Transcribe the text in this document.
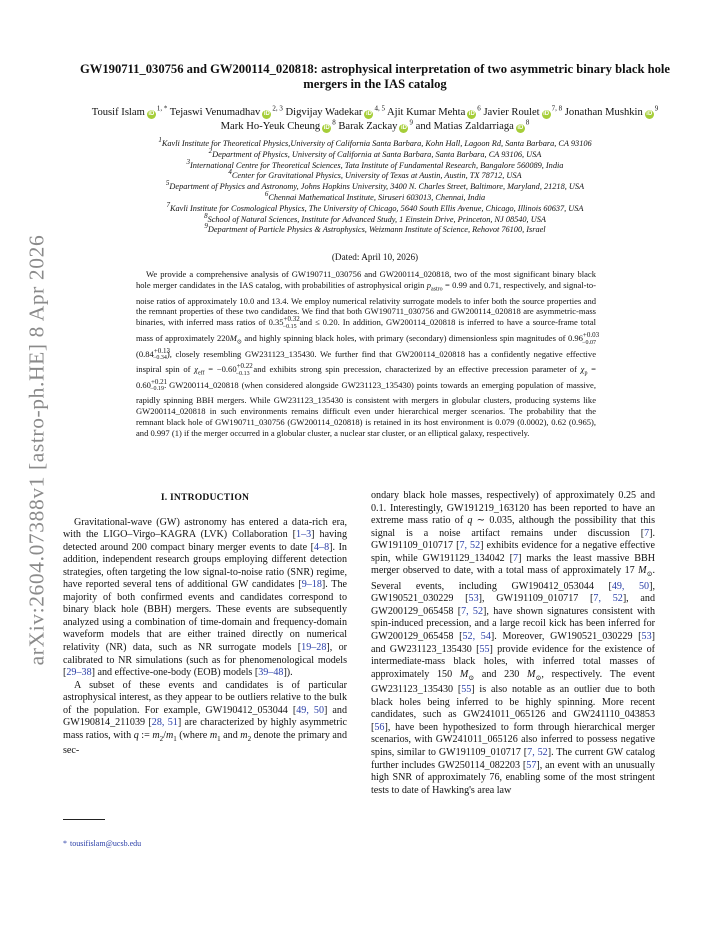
arXiv:2604.07388v1 [astro-ph.HE] 8 Apr 2026
GW190711_030756 and GW200114_020818: astrophysical interpretation of two asymmetric binary black hole mergers in the IAS catalog
Tousif Islam $iD^{1, *}$ Tejaswi Venumadhav iD$^{2, 3}$ Digvijay Wadekar iD$^{4, 5}$ Ajit Kumar Mehta $iD^6$ Javier Roulet iD$^{7, 8}$ Jonathan Mushkin $iD^9$ Mark Ho-Yeuk Cheung $iD^8$ Barak Zackay $iD^9$ and Matias Zaldarriaga $iD^8$
$^1$Kavli Institute for Theoretical Physics,University of California Santa Barbara, Kohn Hall, Lagoon Rd, Santa Barbara, CA 93106
$^2$Department of Physics, University of California at Santa Barbara, Santa Barbara, CA 93106, USA
$^3$International Centre for Theoretical Sciences, Tata Institute of Fundamental Research, Bangalore 560089, India
$^4$Center for Gravitational Physics, University of Texas at Austin, Austin, TX 78712, USA
$^5$Department of Physics and Astronomy, Johns Hopkins University, 3400 N. Charles Street, Baltimore, Maryland, 21218, USA
$^6$Chennai Mathematical Institute, Siruseri 603013, Chennai, India
$^7$Kavli Institute for Cosmological Physics, The University of Chicago, 5640 South Ellis Avenue, Chicago, Illinois 60637, USA
$^8$School of Natural Sciences, Institute for Advanced Study, 1 Einstein Drive, Princeton, NJ 08540, USA
$^9$Department of Particle Physics & Astrophysics, Weizmann Institute of Science, Rehovot 76100, Israel
(Dated: April 10, 2026)
We provide a comprehensive analysis of GW190711_030756 and GW200114_020818, two of the most significant binary black hole merger candidates in the IAS catalog, with probabilities of astrophysical origin $p_{astro} = 0.99$ and 0.71, respectively, and signal-to-noise ratios of approximately 10.0 and 13.4. We employ numerical relativity surrogate models to infer both the source properties and the remnant properties of these two candidates. We find that both GW190711_030756 and GW200114_020818 are asymmetric-mass binaries, with inferred mass ratios of $0.35^{+0.32}_{-0.15}$ and ≤ 0.20. In addition, GW200114_020818 is inferred to have a source-frame total mass of approximately $220M_⊙$ and highly spinning black holes, with primary (secondary) dimensionless spin magnitudes of $0.96^{+0.03}_{-0.07}$ $(0.84^{+0.13}_{-0.34})$, closely resembling GW231123_135430. We further find that GW200114_020818 has a confidently negative effective inspiral spin of $\chi_{eff} = -0.60^{+0.22}_{-0.13}$ and exhibits strong spin precession, characterized by an effective precession parameter of $\chi_p = 0.60^{+0.21}_{-0.19}$. GW200114_020818 (when considered alongside GW231123_135430) points towards an emerging population of massive, rapidly spinning BBH mergers. While GW231123_135430 is consistent with mergers in globular clusters, producing systems like GW200114_020818 in such environments remains difficult even under hierarchical merger scenarios. The probability that the remnant black hole of GW190711_030756 (GW200114_020818) is retained in its host environment is 0.079 (0.0002), 0.62 (0.965), and 0.997 (1) if the merger occurred in a globular cluster, a nuclear star cluster, or an elliptical galaxy, respectively.
I. INTRODUCTION

Gravitational-wave (GW) astronomy has entered a data-rich era, with the LIGO–Virgo–KAGRA (LVK) Collaboration [1–3] having detected around 200 compact binary merger events to date [4–8]. In addition, independent research groups employing different detection strategies, often targeting the low signal-to-noise ratio (SNR) regime, have reported several tens of additional GW candidates [9–18]. The majority of both confirmed events and candidates correspond to binary black hole (BBH) mergers. These events are subsequently analyzed using a combination of time-domain and frequency-domain waveform models that are either trained directly on numerical relativity (NR) data, such as NR surrogate models [19–28], or calibrated to NR simulations (such as for phenomenological models [29–38] and effective-one-body (EOB) models [39–48]).

A subset of these events and candidates is of particular astrophysical interest, as they appear to be outliers relative to the bulk of the population. For example, GW190412_053044 [49, 50] and GW190814_211039 [28, 51] are characterized by highly asymmetric mass ratios, with q := $m_2/m_1$ (where $m_1$ and $m_2$ denote the primary and sec-

ondary black hole masses, respectively) of approximately 0.25 and 0.1. Interestingly, GW191219_163120 has been reported to have an extreme mass ratio of q ∼ 0.035, although the possibility that this signal is a noise artifact remains under discussion [7]. GW191109_010717 [7, 52] exhibits evidence for a negative effective spin, while GW191129_134042 [7] marks the least massive BBH merger observed to date, with a total mass of approximately 17 $M_⊙$. Several events, including GW190412_053044 [49, 50], GW190521_030229 [53], GW191109_010717 [7, 52], and GW200129_065458 [7, 52], have shown signatures consistent with spin-induced precession, and a large recoil kick has been inferred for GW200129_065458 [52, 54]. Moreover, GW190521_030229 [53] and GW231123_135430 [55] provide evidence for the existence of intermediate-mass black holes, with inferred total masses of approximately 150 $M_⊙$ and 230 $M_⊙$, respectively. The event GW231123_135430 [55] is also notable as an outlier due to both black holes being inferred to be highly spinning. More recent candidates, such as GW241011_065126 and GW241110_043853 [56], have been hypothesized to form through hierarchical merger scenarios, with GW241011_065126 also inferred to possess negative spins, similar to GW191109_010717 [7, 52]. The current GW catalog further includes GW250114_082203 [57], an event with an unusually high SNR of approximately 76, enabling some of the most stringent tests to date of Hawking's area law

* tousifislam@ucsb.edu
